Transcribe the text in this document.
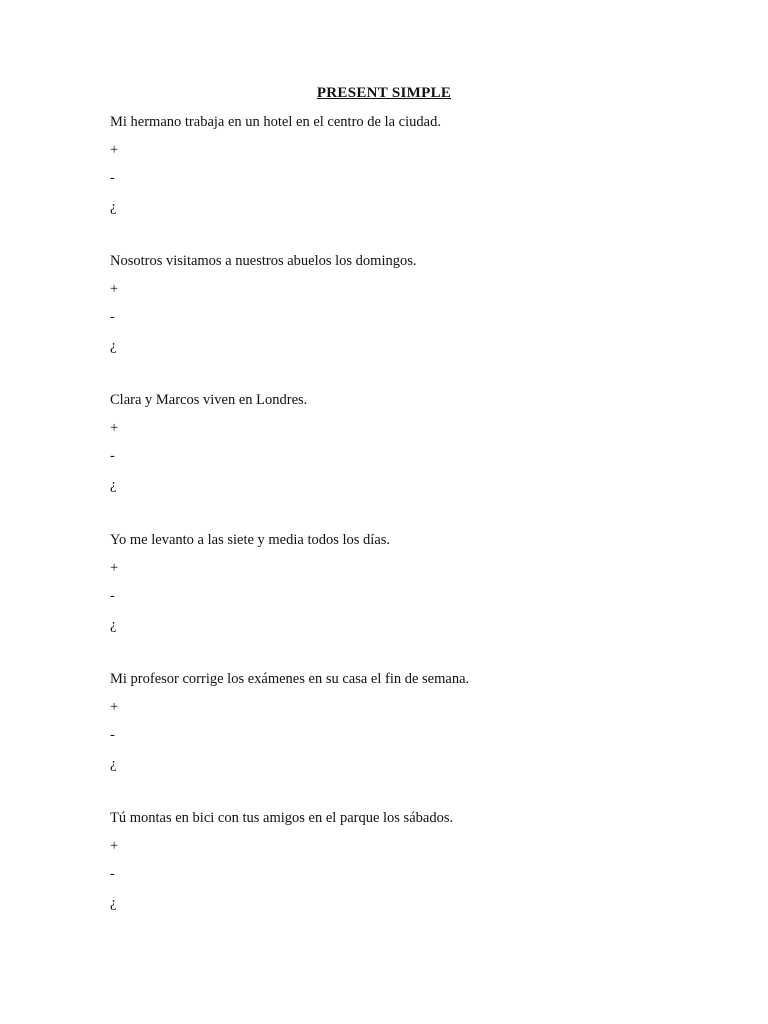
PRESENT SIMPLE
Mi hermano trabaja en un hotel en el centro de la ciudad.
+
-
¿
Nosotros visitamos a nuestros abuelos los domingos.
+
-
¿
Clara y Marcos viven en Londres.
+
-
¿
Yo me levanto a las siete y media todos los días.
+
-
¿
Mi profesor corrige los exámenes en su casa el fin de semana.
+
-
¿
Tú montas en bici con tus amigos en el parque los sábados.
+
-
¿
